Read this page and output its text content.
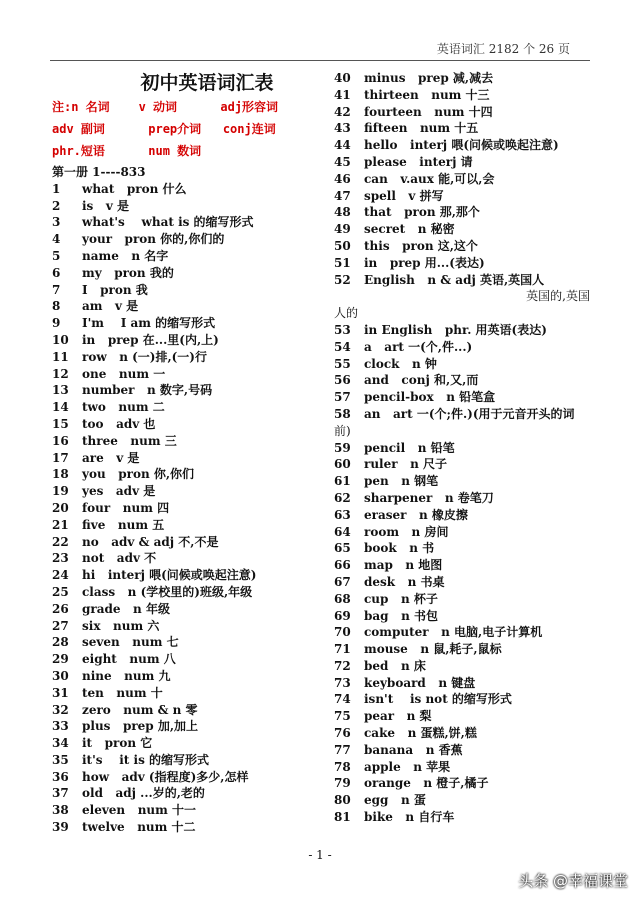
英语词汇 2182 个 26 页
初中英语词汇表
注:n 名词    v 动词      adj形容词
adv 副词      prep介词   conj连词
phr.短语      num 数词
第一册 1----833
1	what   pron 什么
2	is   v 是
3	what's    what is 的缩写形式
4	your   pron 你的,你们的
5	name   n 名字
6	my   pron 我的
7	I   pron 我
8	am   v 是
9	I'm    I am 的缩写形式
10	in   prep 在...里(内,上)
11	row   n (一)排,(一)行
12	one   num 一
13	number   n 数字,号码
14	two   num 二
15	too   adv 也
16	three   num 三
17	are   v 是
18	you   pron 你,你们
19	yes   adv 是
20	four   num 四
21	five   num 五
22	no   adv & adj 不,不是
23	not   adv 不
24	hi   interj 喂(问候或唤起注意)
25	class   n (学校里的)班级,年级
26	grade   n 年级
27	six   num 六
28	seven   num 七
29	eight   num 八
30	nine   num 九
31	ten   num 十
32	zero   num & n 零
33	plus   prep 加,加上
34	it   pron 它
35	it's    it is 的缩写形式
36	how   adv (指程度)多少,怎样
37	old   adj ...岁的,老的
38	eleven   num 十一
39	twelve   num 十二
40	minus   prep 减,减去
41	thirteen   num 十三
42	fourteen   num 十四
43	fifteen   num 十五
44	hello   interj 喂(问候或唤起注意)
45	please   interj 请
46	can   v.aux 能,可以,会
47	spell   v 拼写
48	that   pron 那,那个
49	secret   n 秘密
50	this   pron 这,这个
51	in   prep 用...(表达)
52	English   n & adj 英语,英国人
英国的,英国
人的
53	in English   phr. 用英语(表达)
54	a   art 一(个,件...)
55	clock   n 钟
56	and   conj 和,又,而
57	pencil-box   n 铅笔盒
58	an   art 一(个;件.)(用于元音开头的词
前)
59	pencil   n 铅笔
60	ruler   n 尺子
61	pen   n 钢笔
62	sharpener   n 卷笔刀
63	eraser   n 橡皮擦
64	room   n 房间
65	book   n 书
66	map   n 地图
67	desk   n 书桌
68	cup   n 杯子
69	bag   n 书包
70	computer   n 电脑,电子计算机
71	mouse   n 鼠,耗子,鼠标
72	bed   n 床
73	keyboard   n 键盘
74	isn't    is not 的缩写形式
75	pear   n 梨
76	cake   n 蛋糕,饼,糕
77	banana   n 香蕉
78	apple   n 苹果
79	orange   n 橙子,橘子
80	egg   n 蛋
81	bike   n 自行车
- 1 -
头条 @幸福课堂
